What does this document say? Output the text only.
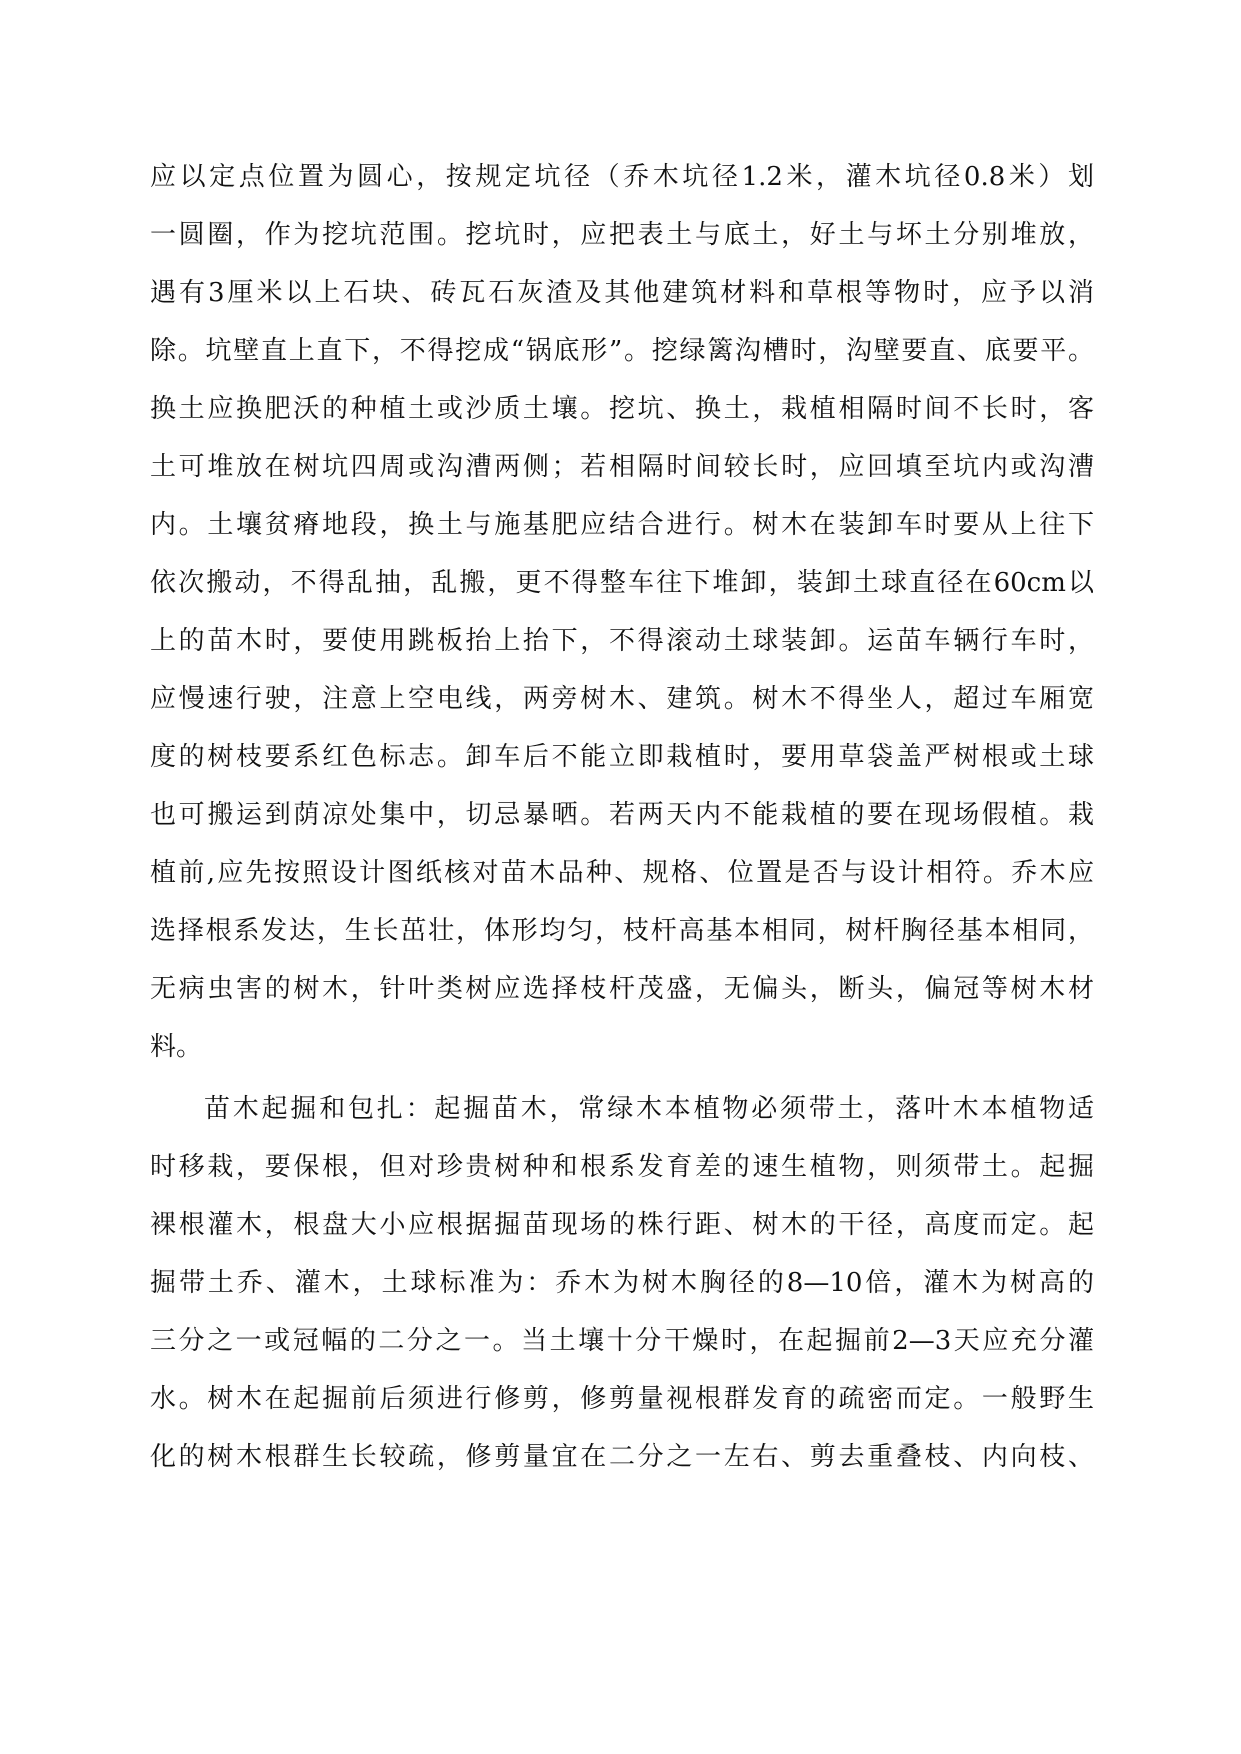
应以定点位置为圆心，按规定坑径（乔木坑径1.2米，灌木坑径0.8米）划
一圆圈，作为挖坑范围。挖坑时，应把表土与底土，好土与坏土分别堆放，
遇有3厘米以上石块、砖瓦石灰渣及其他建筑材料和草根等物时，应予以消
除。坑壁直上直下，不得挖成“锅底形”。挖绿篱沟槽时，沟壁要直、底要平。
换土应换肥沃的种植土或沙质土壤。挖坑、换土，栽植相隔时间不长时，客
土可堆放在树坑四周或沟漕两侧；若相隔时间较长时，应回填至坑内或沟漕
内。土壤贫瘠地段，换土与施基肥应结合进行。树木在装卸车时要从上往下
依次搬动，不得乱抽，乱搬，更不得整车往下堆卸，装卸土球直径在60cm以
上的苗木时，要使用跳板抬上抬下，不得滚动土球装卸。运苗车辆行车时，
应慢速行驶，注意上空电线，两旁树木、建筑。树木不得坐人，超过车厢宽
度的树枝要系红色标志。卸车后不能立即栽植时，要用草袋盖严树根或土球
也可搬运到荫凉处集中，切忌暴晒。若两天内不能栽植的要在现场假植。栽
植前,应先按照设计图纸核对苗木品种、规格、位置是否与设计相符。乔木应
选择根系发达，生长茁壮，体形均匀，枝杆高基本相同，树杆胸径基本相同，
无病虫害的树木，针叶类树应选择枝杆茂盛，无偏头，断头，偏冠等树木材
料。
苗木起掘和包扎：起掘苗木，常绿木本植物必须带土，落叶木本植物适
时移栽，要保根，但对珍贵树种和根系发育差的速生植物，则须带土。起掘
裸根灌木，根盘大小应根据掘苗现场的株行距、树木的干径，高度而定。起
掘带土乔、灌木，土球标准为：乔木为树木胸径的8—10倍，灌木为树高的
三分之一或冠幅的二分之一。当土壤十分干燥时，在起掘前2—3天应充分灌
水。树木在起掘前后须进行修剪，修剪量视根群发育的疏密而定。一般野生
化的树木根群生长较疏，修剪量宜在二分之一左右、剪去重叠枝、内向枝、
